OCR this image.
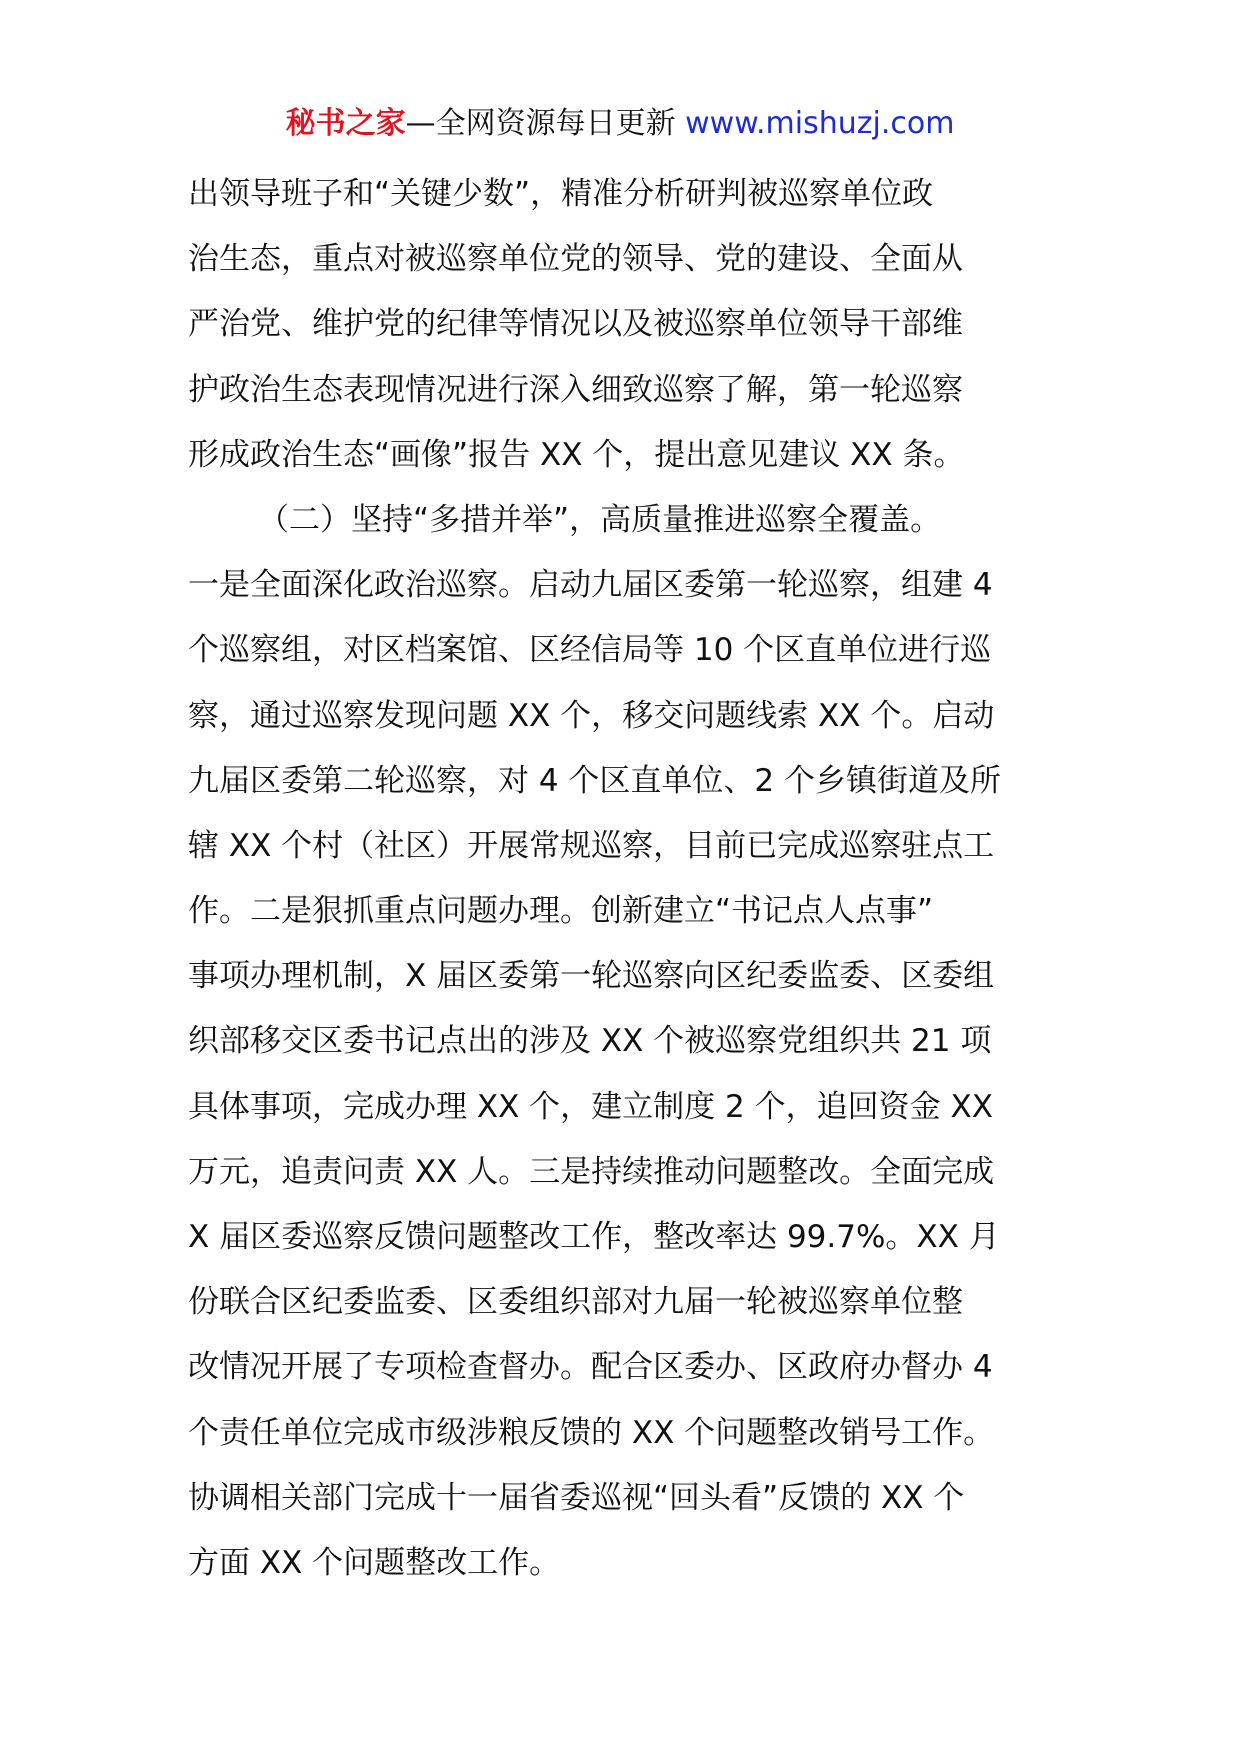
秘书之家—全网资源每日更新 www.mishuzj.com
出领导班子和“关键少数”，精准分析研判被巡察单位政
治生态，重点对被巡察单位党的领导、党的建设、全面从
严治党、维护党的纪律等情况以及被巡察单位领导干部维
护政治生态表现情况进行深入细致巡察了解，第一轮巡察
形成政治生态“画像”报告 XX 个，提出意见建议 XX 条。
（二）坚持“多措并举”，高质量推进巡察全覆盖。
一是全面深化政治巡察。启动九届区委第一轮巡察，组建 4
个巡察组，对区档案馆、区经信局等 10 个区直单位进行巡
察，通过巡察发现问题 XX 个，移交问题线索 XX 个。启动
九届区委第二轮巡察，对 4 个区直单位、2 个乡镇街道及所
辖 XX 个村（社区）开展常规巡察，目前已完成巡察驻点工
作。二是狠抓重点问题办理。创新建立“书记点人点事”
事项办理机制，X 届区委第一轮巡察向区纪委监委、区委组
织部移交区委书记点出的涉及 XX 个被巡察党组织共 21 项
具体事项，完成办理 XX 个，建立制度 2 个，追回资金 XX
万元，追责问责 XX 人。三是持续推动问题整改。全面完成
X 届区委巡察反馈问题整改工作，整改率达 99.7%。XX 月
份联合区纪委监委、区委组织部对九届一轮被巡察单位整
改情况开展了专项检查督办。配合区委办、区政府办督办 4
个责任单位完成市级涉粮反馈的 XX 个问题整改销号工作。
协调相关部门完成十一届省委巡视“回头看”反馈的 XX 个
方面 XX 个问题整改工作。
